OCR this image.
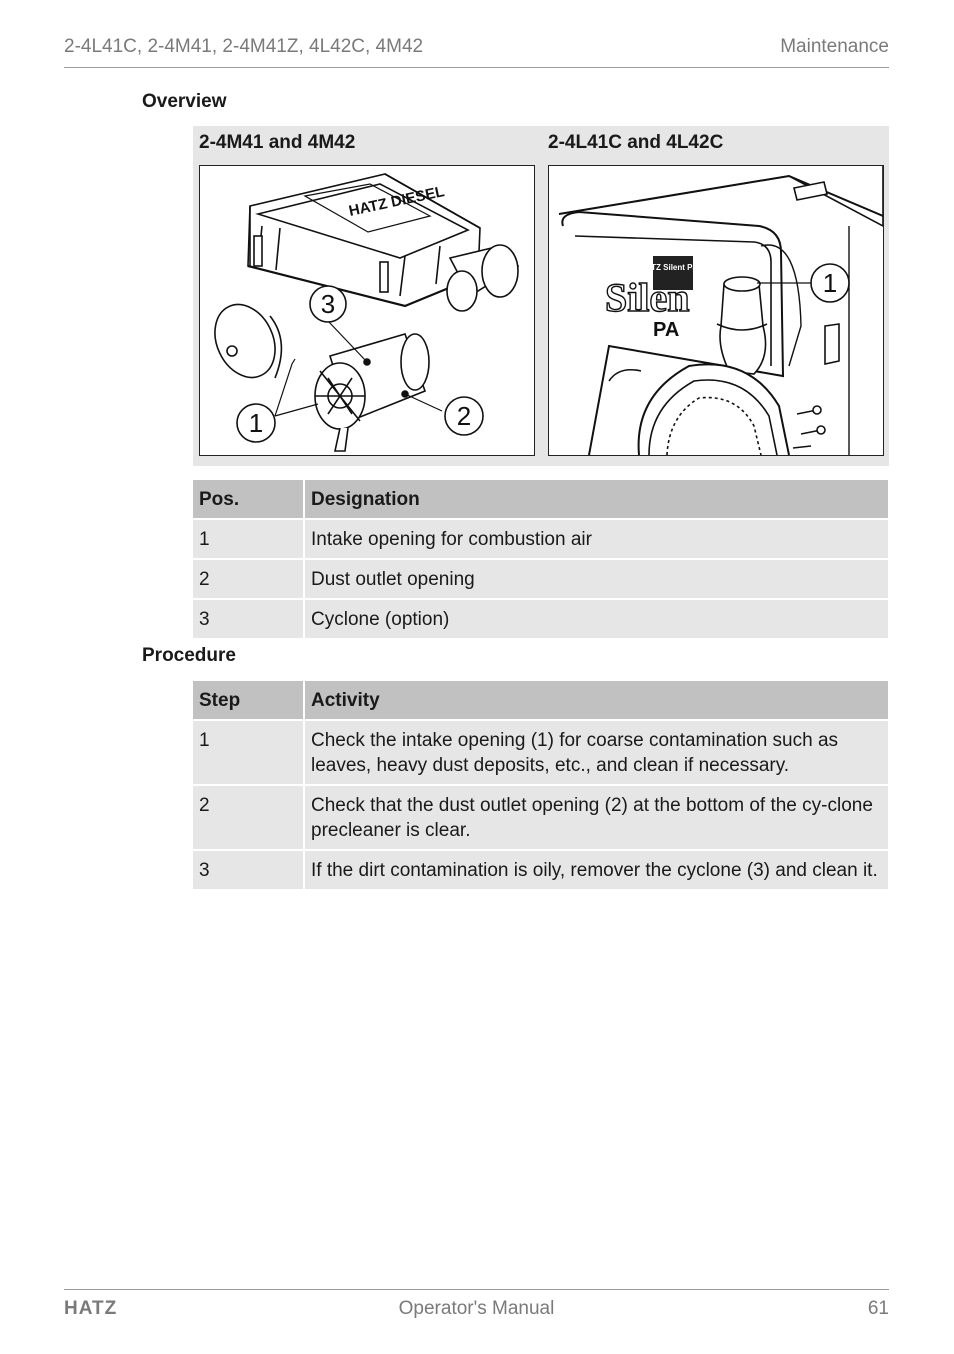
2-4L41C, 2-4M41, 2-4M41Z, 4L42C, 4M42	Maintenance
Overview
2-4M41 and 4M42
HATZ DIESEL
3
1	2
2-4L41C and 4L42C
HATZ Silent Pack
Silen
PA
1
Pos.	Designation
1	Intake opening for combustion air
2	Dust outlet opening
3	Cyclone (option)
Procedure
Step	Activity
1	Check the intake opening (1) for coarse contamination such as leaves, heavy dust deposits, etc., and clean if necessary.
2	Check that the dust outlet opening (2) at the bottom of the cy-clone precleaner is clear.
3	If the dirt contamination is oily, remover the cyclone (3) and clean it.
HATZ	Operator's Manual	61
